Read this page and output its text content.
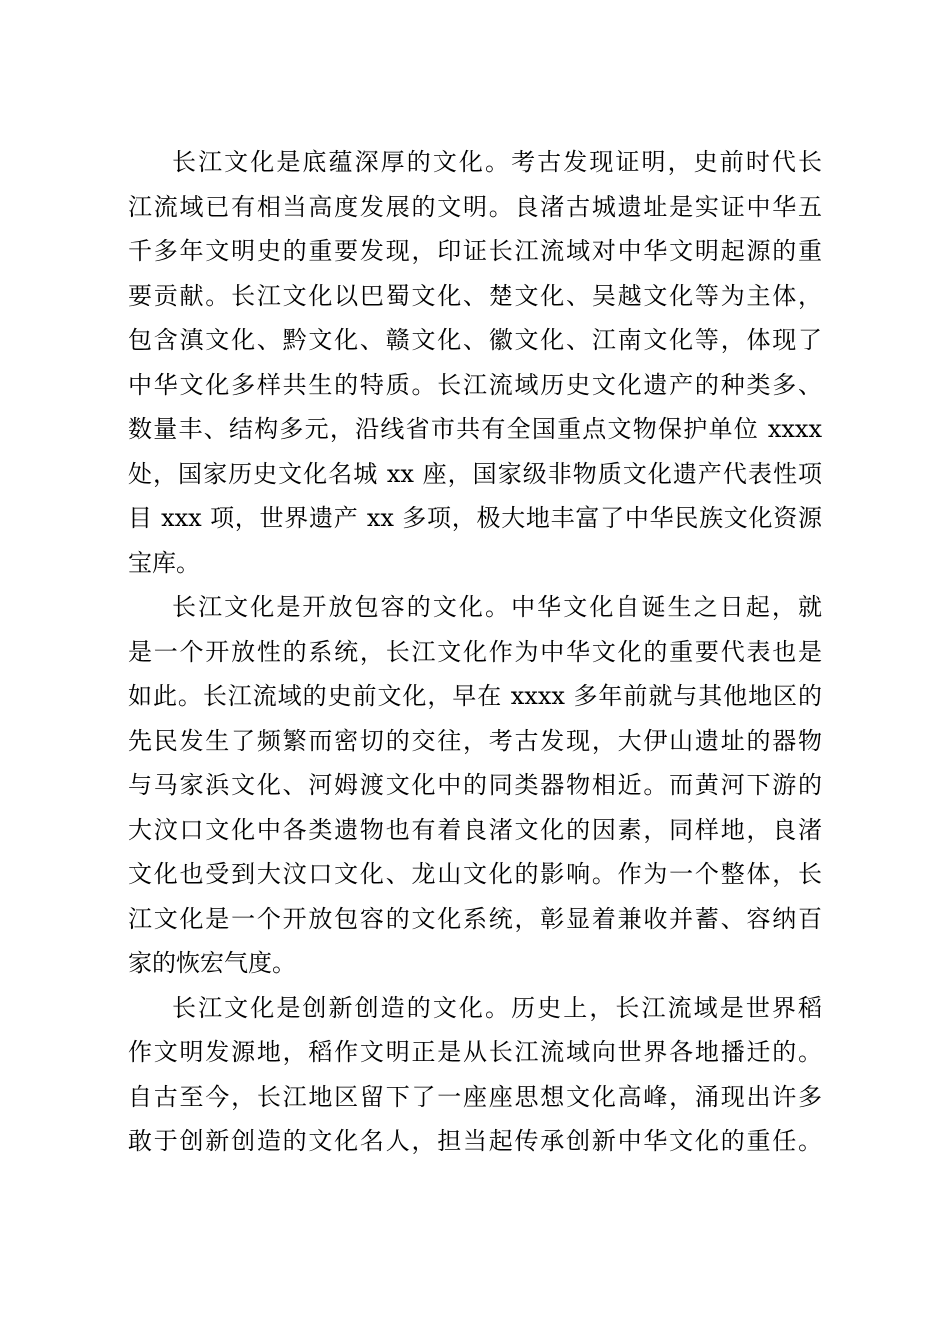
长江文化是底蕴深厚的文化。考古发现证明，史前时代长
江流域已有相当高度发展的文明。良渚古城遗址是实证中华五
千多年文明史的重要发现，印证长江流域对中华文明起源的重
要贡献。长江文化以巴蜀文化、楚文化、吴越文化等为主体，
包含滇文化、黔文化、赣文化、徽文化、江南文化等，体现了
中华文化多样共生的特质。长江流域历史文化遗产的种类多、
数量丰、结构多元，沿线省市共有全国重点文物保护单位 xxxx
处，国家历史文化名城 xx 座，国家级非物质文化遗产代表性项
目 xxx 项，世界遗产 xx 多项，极大地丰富了中华民族文化资源
宝库。
长江文化是开放包容的文化。中华文化自诞生之日起，就
是一个开放性的系统，长江文化作为中华文化的重要代表也是
如此。长江流域的史前文化，早在 xxxx 多年前就与其他地区的
先民发生了频繁而密切的交往，考古发现，大伊山遗址的器物
与马家浜文化、河姆渡文化中的同类器物相近。而黄河下游的
大汶口文化中各类遗物也有着良渚文化的因素，同样地，良渚
文化也受到大汶口文化、龙山文化的影响。作为一个整体，长
江文化是一个开放包容的文化系统，彰显着兼收并蓄、容纳百
家的恢宏气度。
长江文化是创新创造的文化。历史上，长江流域是世界稻
作文明发源地，稻作文明正是从长江流域向世界各地播迁的。
自古至今，长江地区留下了一座座思想文化高峰，涌现出许多
敢于创新创造的文化名人，担当起传承创新中华文化的重任。
